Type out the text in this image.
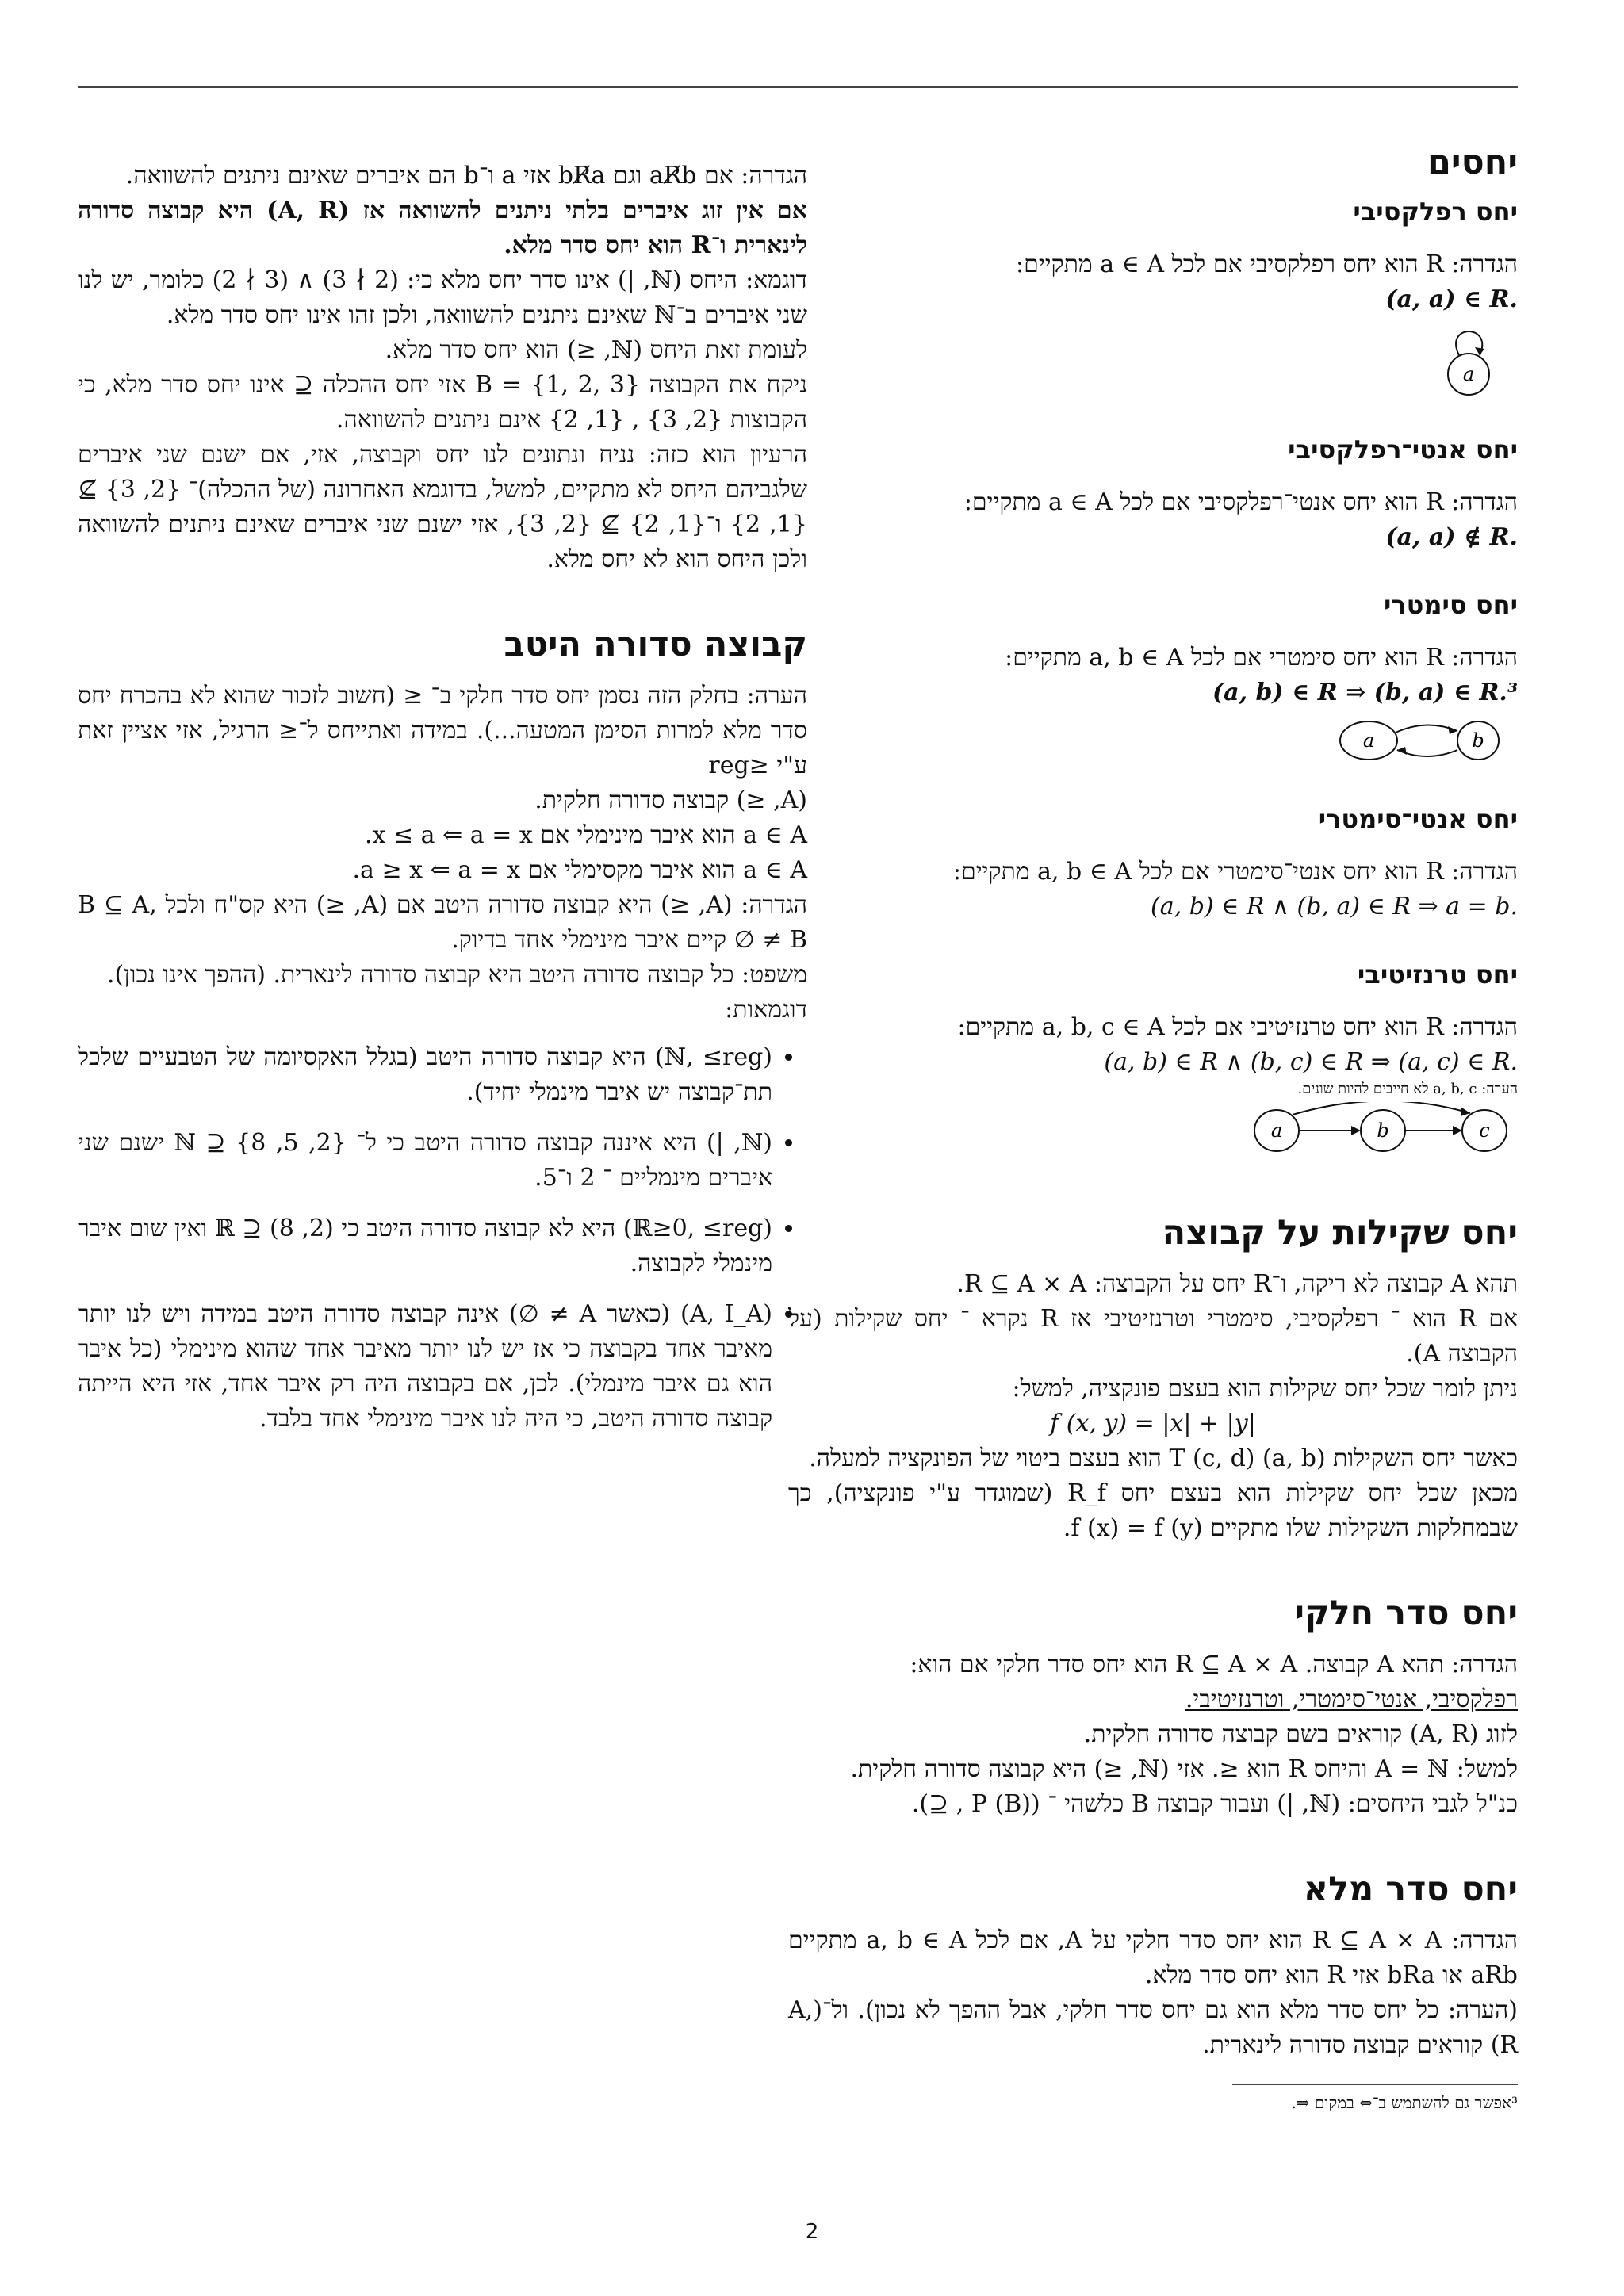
יחסים
יחס רפלקסיבי

הגדרה: R הוא יחס רפלקסיבי אם לכל a ∈ A מתקיים:

(a, a) ∈ R.

a
יחס אנטי־רפלקסיבי

הגדרה: R הוא יחס אנטי־רפלקסיבי אם לכל a ∈ A מתקיים:

(a, a) ∉ R.

יחס סימטרי

הגדרה: R הוא יחס סימטרי אם לכל a, b ∈ A מתקיים:

(a, b) ∈ R ⇒ (b, a) ∈ R.³

a	b
יחס אנטי־סימטרי

הגדרה: R הוא יחס אנטי־סימטרי אם לכל a, b ∈ A מתקיים:

(a, b) ∈ R ∧ (b, a) ∈ R ⇒ a = b.

יחס טרנזיטיבי

הגדרה: R הוא יחס טרנזיטיבי אם לכל a, b, c ∈ A מתקיים:

(a, b) ∈ R ∧ (b, c) ∈ R ⇒ (a, c) ∈ R.

הערה: a, b, c לא חייבים להיות שונים.

a	b	c
יחס שקילות על קבוצה

תהא A קבוצה לא ריקה, ו־R יחס על הקבוצה: R ⊆ A × A.

אם R הוא ־ רפלקסיבי, סימטרי וטרנזיטיבי אז R נקרא ־ יחס שקילות (על הקבוצה A).

ניתן לומר שכל יחס שקילות הוא בעצם פונקציה, למשל:

f (x, y) = |x| + |y|

כאשר יחס השקילות (a, b) T (c, d) הוא בעצם ביטוי של הפונקציה למעלה.

מכאן שכל יחס שקילות הוא בעצם יחס R_f (שמוגדר ע"י פונקציה), כך שבמחלקות השקילות שלו מתקיים f (x) = f (y).

יחס סדר חלקי

הגדרה: תהא A קבוצה. R ⊆ A × A הוא יחס סדר חלקי אם הוא:

רפלקסיבי, אנטי־סימטרי, וטרנזיטיבי.

לזוג (A, R) קוראים בשם קבוצה סדורה חלקית.

למשל: A = ℕ והיחס R הוא ≤. אזי (ℕ, ≤) היא קבוצה סדורה חלקית.

כנ"ל לגבי היחסים: (ℕ, |) ועבור קבוצה B כלשהי ־ (P (B) , ⊆).

יחס סדר מלא

הגדרה: R ⊆ A × A הוא יחס סדר חלקי על A, אם לכל a, b ∈ A מתקיים aRb או bRa אזי R הוא יחס סדר מלא.

(הערה: כל יחס סדר מלא הוא גם יחס סדר חלקי, אבל ההפך לא נכון). ול־(A, R) קוראים קבוצה סדורה לינארית.

³אפשר גם להשתמש ב־⇔ במקום ⇒.

הגדרה: אם aR̸b וגם bR̸a אזי a ו־b הם איברים שאינם ניתנים להשוואה.

אם אין זוג איברים בלתי ניתנים להשוואה אז (A, R) היא קבוצה סדורה לינארית ו־R הוא יחס סדר מלא.

דוגמא: היחס (ℕ, |) אינו סדר יחס מלא כי: (2 ∤ 3) ∧ (3 ∤ 2) כלומר, יש לנו שני איברים ב־ℕ שאינם ניתנים להשוואה, ולכן זהו אינו יחס סדר מלא.

לעומת זאת היחס (ℕ, ≤) הוא יחס סדר מלא.

ניקח את הקבוצה B = {1, 2, 3} אזי יחס ההכלה ⊆ אינו יחס סדר מלא, כי הקבוצות {2, 3} , {1, 2} אינם ניתנים להשוואה.

הרעיון הוא כזה: נניח ונתונים לנו יחס וקבוצה, אזי, אם ישנם שני איברים שלגביהם היחס לא מתקיים, למשל, בדוגמא האחרונה (של ההכלה)־ {2, 3} ⊈ {1, 2} ו־{1, 2} ⊈ {2, 3}, אזי ישנם שני איברים שאינם ניתנים להשוואה ולכן היחס הוא לא יחס מלא.

קבוצה סדורה היטב

הערה: בחלק הזה נסמן יחס סדר חלקי ב־ ≤ (חשוב לזכור שהוא לא בהכרח יחס סדר מלא למרות הסימן המטעה...). במידה ואתייחס ל־≤ הרגיל, אזי אציין זאת ע"י ≤reg

(A, ≤) קבוצה סדורה חלקית.

a ∈ A הוא איבר מינימלי אם x ≤ a ⇐ a = x.

a ∈ A הוא איבר מקסימלי אם a ≥ x ⇐ a = x.

הגדרה: (A, ≤) היא קבוצה סדורה היטב אם (A, ≤) היא קס"ח ולכל B ⊆ A, B ≠ ∅ קיים איבר מינימלי אחד בדיוק.

משפט: כל קבוצה סדורה היטב היא קבוצה סדורה לינארית. (ההפך אינו נכון).

דוגמאות:

• (ℕ, ≤reg) היא קבוצה סדורה היטב (בגלל האקסיומה של הטבעיים שלכל תת־קבוצה יש איבר מינמלי יחיד).
• (ℕ, |) היא איננה קבוצה סדורה היטב כי ל־ {2, 5, 8} ⊆ ℕ ישנם שני איברים מינמליים ־ 2 ו־5.
• (ℝ≥0, ≤reg) היא לא קבוצה סדורה היטב כי (2, 8) ⊆ ℝ ואין שום איבר מינמלי לקבוצה.
• (A, I_A) (כאשר A ≠ ∅) אינה קבוצה סדורה היטב במידה ויש לנו יותר מאיבר אחד בקבוצה כי אז יש לנו יותר מאיבר אחד שהוא מינימלי (כל איבר הוא גם איבר מינמלי). לכן, אם בקבוצה היה רק איבר אחד, אזי היא הייתה קבוצה סדורה היטב, כי היה לנו איבר מינימלי אחד בלבד.
2
